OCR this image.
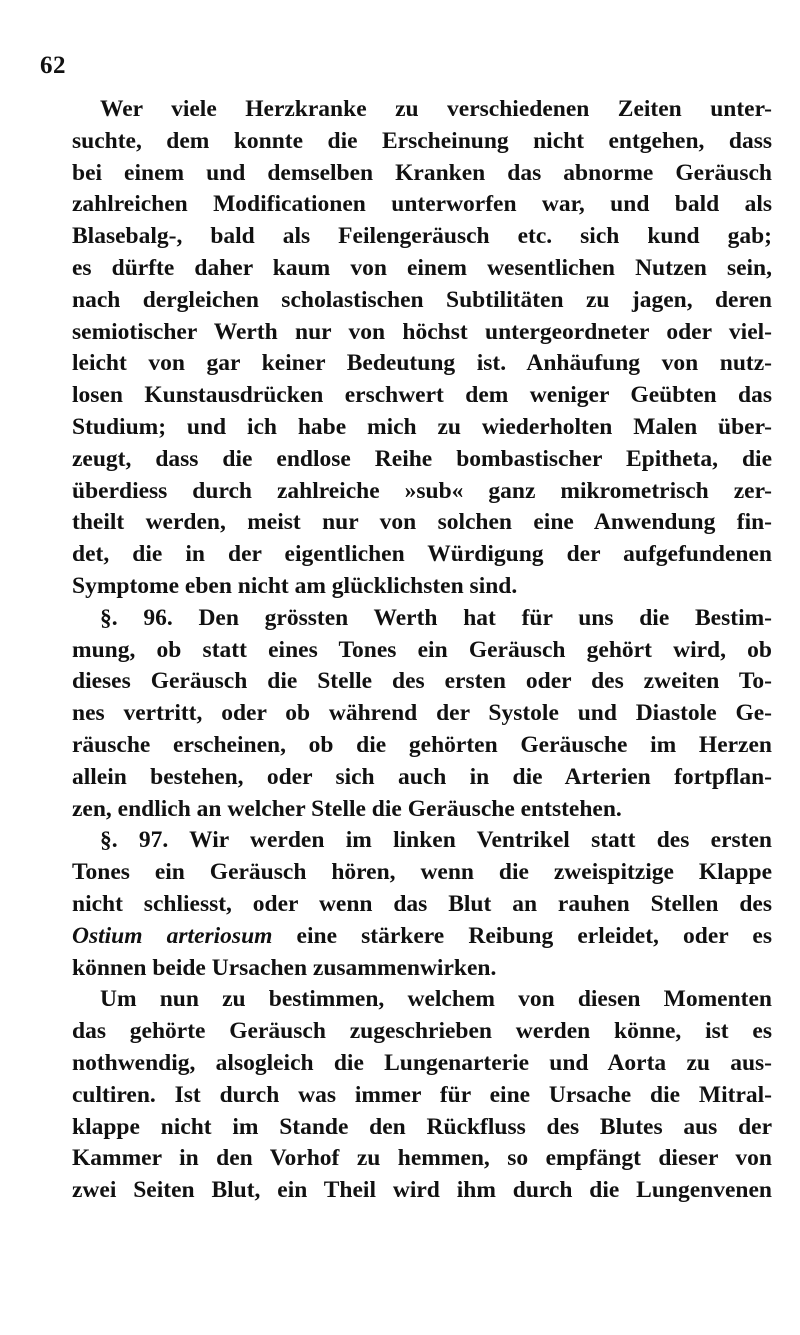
62
Wer viele Herzkranke zu verschiedenen Zeiten unter-
suchte, dem konnte die Erscheinung nicht entgehen, dass
bei einem und demselben Kranken das abnorme Geräusch
zahlreichen Modificationen unterworfen war, und bald als
Blasebalg-, bald als Feilengeräusch etc. sich kund gab;
es dürfte daher kaum von einem wesentlichen Nutzen sein,
nach dergleichen scholastischen Subtilitäten zu jagen, deren
semiotischer Werth nur von höchst untergeordneter oder viel-
leicht von gar keiner Bedeutung ist. Anhäufung von nutz-
losen Kunstausdrücken erschwert dem weniger Geübten das
Studium; und ich habe mich zu wiederholten Malen über-
zeugt, dass die endlose Reihe bombastischer Epitheta, die
überdiess durch zahlreiche »sub« ganz mikrometrisch zer-
theilt werden, meist nur von solchen eine Anwendung fin-
det, die in der eigentlichen Würdigung der aufgefundenen
Symptome eben nicht am glücklichsten sind.
§. 96. Den grössten Werth hat für uns die Bestim-
mung, ob statt eines Tones ein Geräusch gehört wird, ob
dieses Geräusch die Stelle des ersten oder des zweiten To-
nes vertritt, oder ob während der Systole und Diastole Ge-
räusche erscheinen, ob die gehörten Geräusche im Herzen
allein bestehen, oder sich auch in die Arterien fortpflan-
zen, endlich an welcher Stelle die Geräusche entstehen.
§. 97. Wir werden im linken Ventrikel statt des ersten
Tones ein Geräusch hören, wenn die zweispitzige Klappe
nicht schliesst, oder wenn das Blut an rauhen Stellen des
Ostium arteriosum eine stärkere Reibung erleidet, oder es
können beide Ursachen zusammenwirken.
Um nun zu bestimmen, welchem von diesen Momenten
das gehörte Geräusch zugeschrieben werden könne, ist es
nothwendig, alsogleich die Lungenarterie und Aorta zu aus-
cultiren. Ist durch was immer für eine Ursache die Mitral-
klappe nicht im Stande den Rückfluss des Blutes aus der
Kammer in den Vorhof zu hemmen, so empfängt dieser von
zwei Seiten Blut, ein Theil wird ihm durch die Lungenvenen
